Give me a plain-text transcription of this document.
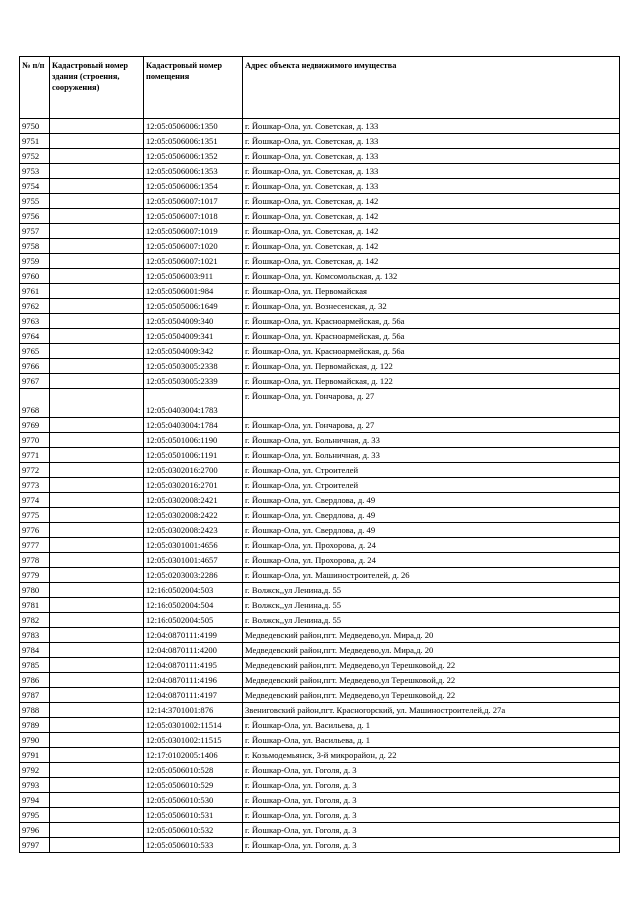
№ п/п	Кадастровый номер здания (строения, сооружения)	Кадастровый номер помещения	Адрес объекта недвижимого имущества
9750		12:05:0506006:1350	г. Йошкар-Ола, ул. Советская, д. 133
9751		12:05:0506006:1351	г. Йошкар-Ола, ул. Советская, д. 133
9752		12:05:0506006:1352	г. Йошкар-Ола, ул. Советская, д. 133
9753		12:05:0506006:1353	г. Йошкар-Ола, ул. Советская, д. 133
9754		12:05:0506006:1354	г. Йошкар-Ола, ул. Советская, д. 133
9755		12:05:0506007:1017	г. Йошкар-Ола, ул. Советская, д. 142
9756		12:05:0506007:1018	г. Йошкар-Ола, ул. Советская, д. 142
9757		12:05:0506007:1019	г. Йошкар-Ола, ул. Советская, д. 142
9758		12:05:0506007:1020	г. Йошкар-Ола, ул. Советская, д. 142
9759		12:05:0506007:1021	г. Йошкар-Ола, ул. Советская, д. 142
9760		12:05:0506003:911	г. Йошкар-Ола, ул. Комсомольская, д. 132
9761		12:05:0506001:984	г. Йошкар-Ола, ул. Первомайская
9762		12:05:0505006:1649	г. Йошкар-Ола, ул. Вознесенская, д. 32
9763		12:05:0504009:340	г. Йошкар-Ола, ул. Красноармейская, д. 56а
9764		12:05:0504009:341	г. Йошкар-Ола, ул. Красноармейская, д. 56а
9765		12:05:0504009:342	г. Йошкар-Ола, ул. Красноармейская, д. 56а
9766		12:05:0503005:2338	г. Йошкар-Ола, ул. Первомайская, д. 122
9767		12:05:0503005:2339	г. Йошкар-Ола, ул. Первомайская, д. 122
9768		12:05:0403004:1783	г. Йошкар-Ола, ул. Гончарова, д. 27
9769		12:05:0403004:1784	г. Йошкар-Ола, ул. Гончарова, д. 27
9770		12:05:0501006:1190	г. Йошкар-Ола, ул. Больничная, д. 33
9771		12:05:0501006:1191	г. Йошкар-Ола, ул. Больничная, д. 33
9772		12:05:0302016:2700	г. Йошкар-Ола, ул. Строителей
9773		12:05:0302016:2701	г. Йошкар-Ола, ул. Строителей
9774		12:05:0302008:2421	г. Йошкар-Ола, ул. Свердлова, д. 49
9775		12:05:0302008:2422	г. Йошкар-Ола, ул. Свердлова, д. 49
9776		12:05:0302008:2423	г. Йошкар-Ола, ул. Свердлова, д. 49
9777		12:05:0301001:4656	г. Йошкар-Ола, ул. Прохорова, д. 24
9778		12:05:0301001:4657	г. Йошкар-Ола, ул. Прохорова, д. 24
9779		12:05:0203003:2286	г. Йошкар-Ола, ул. Машиностроителей, д. 26
9780		12:16:0502004:503	г. Волжск,,ул Ленина,д. 55
9781		12:16:0502004:504	г. Волжск,,ул Ленина,д. 55
9782		12:16:0502004:505	г. Волжск,,ул Ленина,д. 55
9783		12:04:0870111:4199	Медведевский район,пгт. Медведево,ул. Мира,д. 20
9784		12:04:0870111:4200	Медведевский район,пгт. Медведево,ул. Мира,д. 20
9785		12:04:0870111:4195	Медведевский район,пгт. Медведево,ул Терешковой,д. 22
9786		12:04:0870111:4196	Медведевский район,пгт. Медведево,ул Терешковой,д. 22
9787		12:04:0870111:4197	Медведевский район,пгт. Медведево,ул Терешковой,д. 22
9788		12:14:3701001:876	Звениговский район,пгт. Красногорский, ул. Машиностроителей,д. 27а
9789		12:05:0301002:11514	г. Йошкар-Ола, ул. Васильева, д. 1
9790		12:05:0301002:11515	г. Йошкар-Ола, ул. Васильева, д. 1
9791		12:17:0102005:1406	г. Козьмодемьянск, 3-й микрорайон, д. 22
9792		12:05:0506010:528	г. Йошкар-Ола, ул. Гоголя, д. 3
9793		12:05:0506010:529	г. Йошкар-Ола, ул. Гоголя, д. 3
9794		12:05:0506010:530	г. Йошкар-Ола, ул. Гоголя, д. 3
9795		12:05:0506010:531	г. Йошкар-Ола, ул. Гоголя, д. 3
9796		12:05:0506010:532	г. Йошкар-Ола, ул. Гоголя, д. 3
9797		12:05:0506010:533	г. Йошкар-Ола, ул. Гоголя, д. 3
